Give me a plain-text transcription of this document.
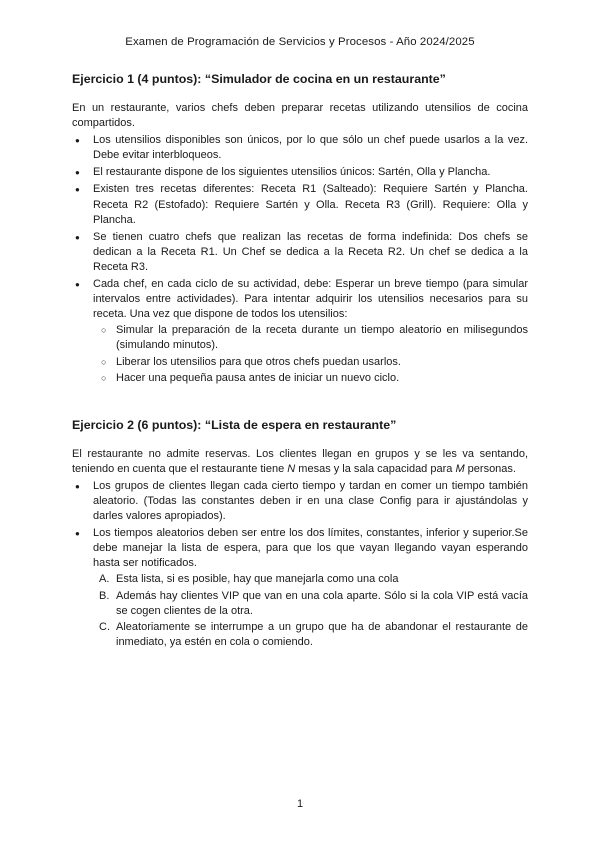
Examen de Programación de Servicios y Procesos - Año 2024/2025
Ejercicio 1 (4 puntos): “Simulador de cocina en un restaurante”

En un restaurante, varios chefs deben preparar recetas utilizando utensilios de cocina compartidos.

● Los utensilios disponibles son únicos, por lo que sólo un chef puede usarlos a la vez. Debe evitar interbloqueos.
● El restaurante dispone de los siguientes utensilios únicos: Sartén, Olla y Plancha.
● Existen tres recetas diferentes: Receta R1 (Salteado): Requiere Sartén y Plancha. Receta R2 (Estofado): Requiere Sartén y Olla. Receta R3 (Grill). Requiere: Olla y Plancha.
● Se tienen cuatro chefs que realizan las recetas de forma indefinida: Dos chefs se dedican a la Receta R1. Un Chef se dedica a la Receta R2. Un chef se dedica a la Receta R3.
● Cada chef, en cada ciclo de su actividad, debe: Esperar un breve tiempo (para simular intervalos entre actividades). Para intentar adquirir los utensilios necesarios para su receta. Una vez que dispone de todos los utensilios:
○ Simular la preparación de la receta durante un tiempo aleatorio en milisegundos (simulando minutos).
○ Liberar los utensilios para que otros chefs puedan usarlos.
○ Hacer una pequeña pausa antes de iniciar un nuevo ciclo.
Ejercicio 2 (6 puntos): “Lista de espera en restaurante”

El restaurante no admite reservas. Los clientes llegan en grupos y se les va sentando, teniendo en cuenta que el restaurante tiene N mesas y la sala capacidad para M personas.

● Los grupos de clientes llegan cada cierto tiempo y tardan en comer un tiempo también aleatorio. (Todas las constantes deben ir en una clase Config para ir ajustándolas y darles valores apropiados).
● Los tiempos aleatorios deben ser entre los dos límites, constantes, inferior y superior.Se debe manejar la lista de espera, para que los que vayan llegando vayan esperando hasta ser notificados.
A. Esta lista, si es posible, hay que manejarla como una cola
B. Además hay clientes VIP que van en una cola aparte. Sólo si la cola VIP está vacía se cogen clientes de la otra.
C. Aleatoriamente se interrumpe a un grupo que ha de abandonar el restaurante de inmediato, ya estén en cola o comiendo.
1
